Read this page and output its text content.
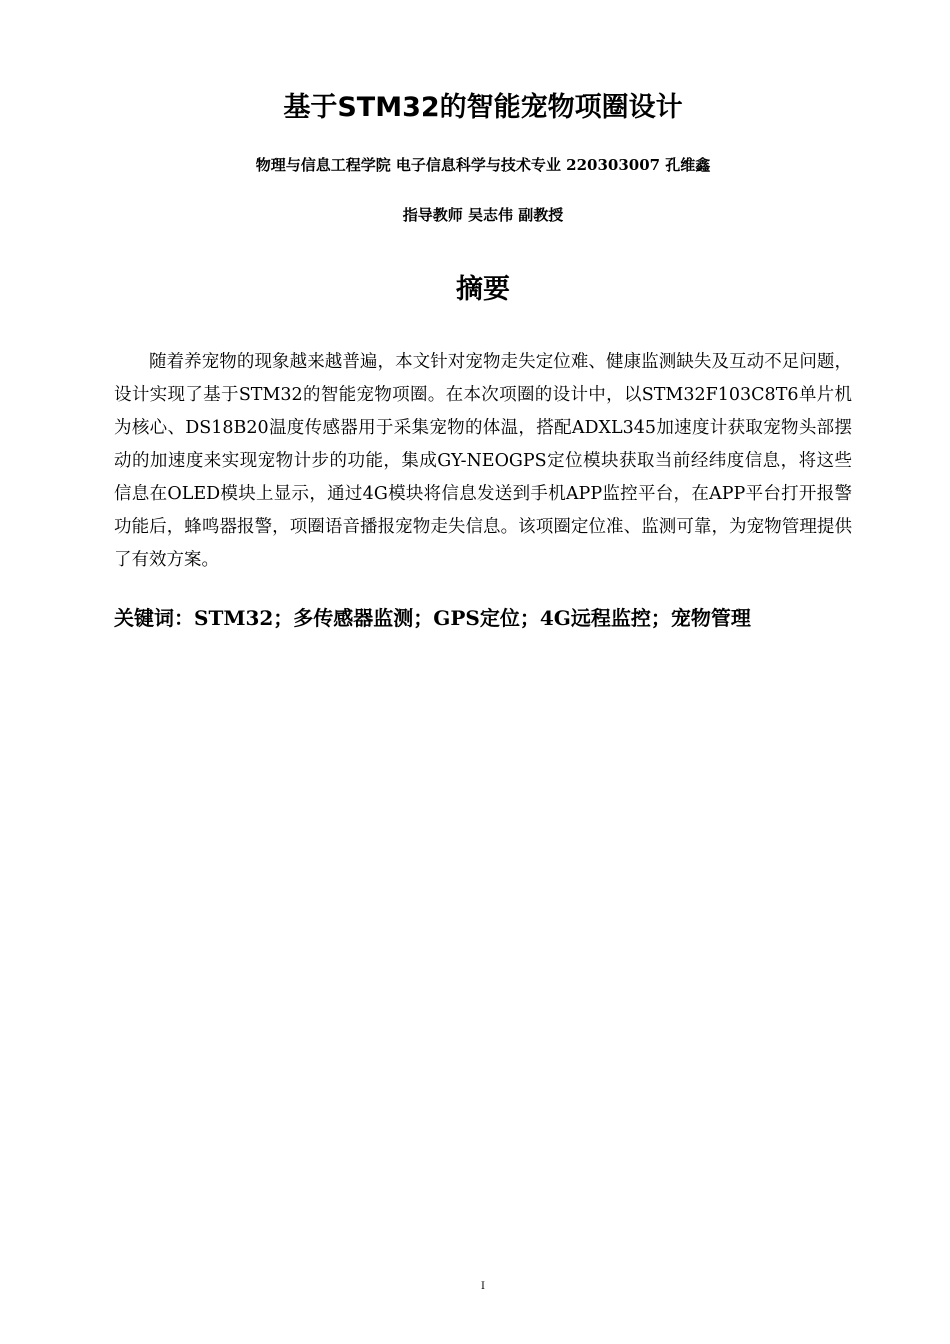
基于STM32的智能宠物项圈设计
物理与信息工程学院 电子信息科学与技术专业 220303007 孔维鑫
指导教师 吴志伟 副教授
摘要

随着养宠物的现象越来越普遍，本文针对宠物走失定位难、健康监测缺失及互动不足问题，设计实现了基于STM32的智能宠物项圈。在本次项圈的设计中，以STM32F103C8T6单片机为核心、DS18B20温度传感器用于采集宠物的体温，搭配ADXL345加速度计获取宠物头部摆动的加速度来实现宠物计步的功能，集成GY-NEOGPS定位模块获取当前经纬度信息，将这些信息在OLED模块上显示，通过4G模块将信息发送到手机APP监控平台，在APP平台打开报警功能后，蜂鸣器报警，项圈语音播报宠物走失信息。该项圈定位准、监测可靠，为宠物管理提供了有效方案。

关键词：STM32；多传感器监测；GPS定位；4G远程监控；宠物管理

I
